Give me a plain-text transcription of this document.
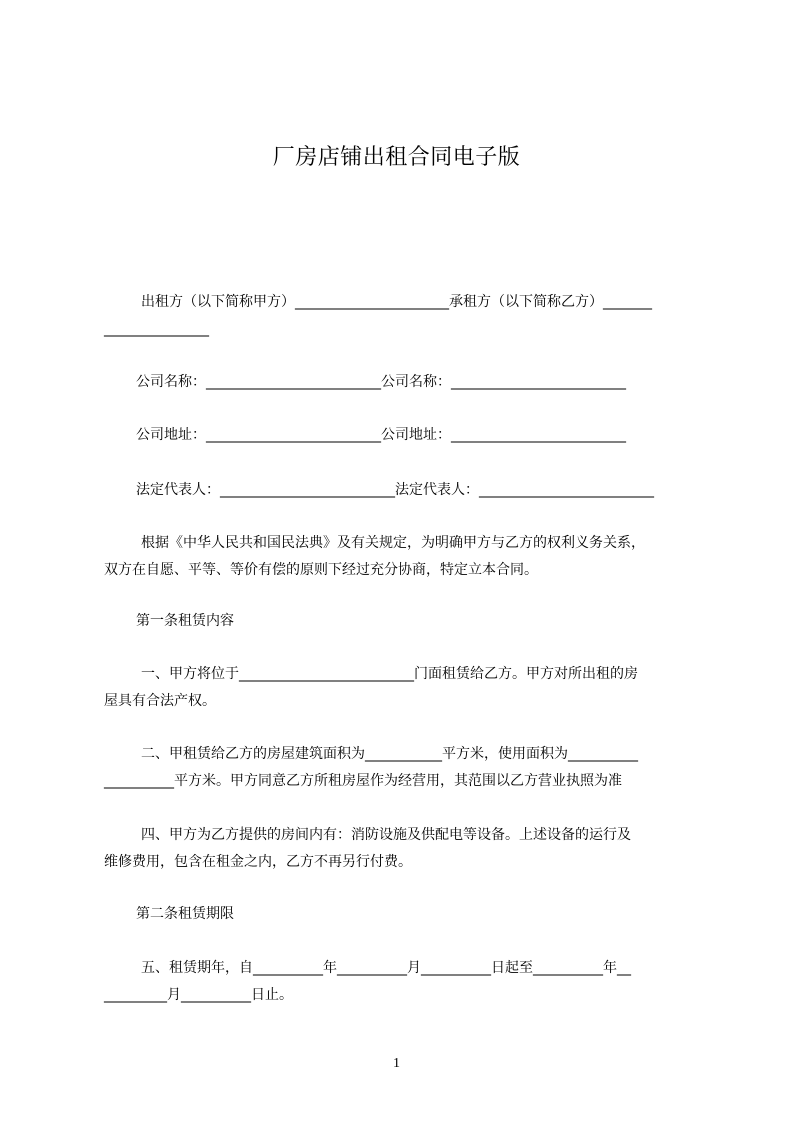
厂房店铺出租合同电子版
出租方（以下简称甲方）______________________承租方（以下简称乙方）_______
_______________
公司名称：_________________________公司名称：_________________________
公司地址：_________________________公司地址：_________________________
法定代表人：_________________________法定代表人：_________________________
根据《中华人民共和国民法典》及有关规定，为明确甲方与乙方的权利义务关系，
双方在自愿、平等、等价有偿的原则下经过充分协商，特定立本合同。
第一条租赁内容
一、甲方将位于_________________________门面租赁给乙方。甲方对所出租的房
屋具有合法产权。
二、甲租赁给乙方的房屋建筑面积为___________平方米，使用面积为__________
__________平方米。甲方同意乙方所租房屋作为经营用，其范围以乙方营业执照为准
四、甲方为乙方提供的房间内有：消防设施及供配电等设备。上述设备的运行及
维修费用，包含在租金之内，乙方不再另行付费。
第二条租赁期限
五、租赁期年，自__________年__________月__________日起至__________年__
_________月__________日止。
1
